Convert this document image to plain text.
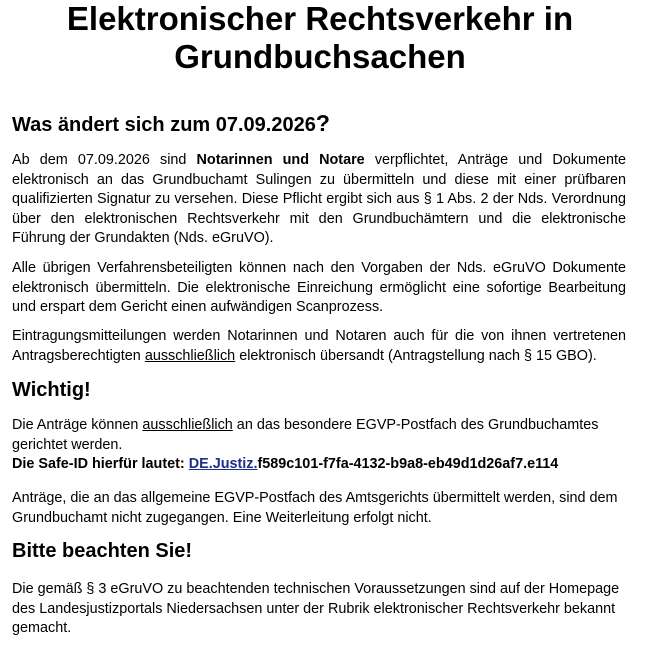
Elektronischer Rechtsverkehr in
Grundbuchsachen
Was ändert sich zum 07.09.2026?

Ab dem 07.09.2026 sind Notarinnen und Notare verpflichtet, Anträge und Dokumente elektronisch an das Grundbuchamt Sulingen zu übermitteln und diese mit einer prüfbaren qualifizierten Signatur zu versehen. Diese Pflicht ergibt sich aus § 1 Abs. 2 der Nds. Verordnung über den elektronischen Rechtsverkehr mit den Grundbuchämtern und die elektronische Führung der Grundakten (Nds. eGruVO).

Alle übrigen Verfahrensbeteiligten können nach den Vorgaben der Nds. eGruVO Dokumente elektronisch übermitteln. Die elektronische Einreichung ermöglicht eine sofortige Bearbeitung und erspart dem Gericht einen aufwändigen Scanprozess.

Eintragungsmitteilungen werden Notarinnen und Notaren auch für die von ihnen vertretenen Antragsberechtigten ausschließlich elektronisch übersandt (Antragstellung nach § 15 GBO).

Wichtig!

Die Anträge können ausschließlich an das besondere EGVP-Postfach des Grundbuchamtes gerichtet werden.

Die Safe-ID hierfür lautet: DE.Justiz.f589c101-f7fa-4132-b9a8-eb49d1d26af7.e114

Anträge, die an das allgemeine EGVP-Postfach des Amtsgerichts übermittelt werden, sind dem Grundbuchamt nicht zugegangen. Eine Weiterleitung erfolgt nicht.

Bitte beachten Sie!

Die gemäß § 3 eGruVO zu beachtenden technischen Voraussetzungen sind auf der Homepage des Landesjustizportals Niedersachsen unter der Rubrik elektronischer Rechtsverkehr bekannt gemacht.
